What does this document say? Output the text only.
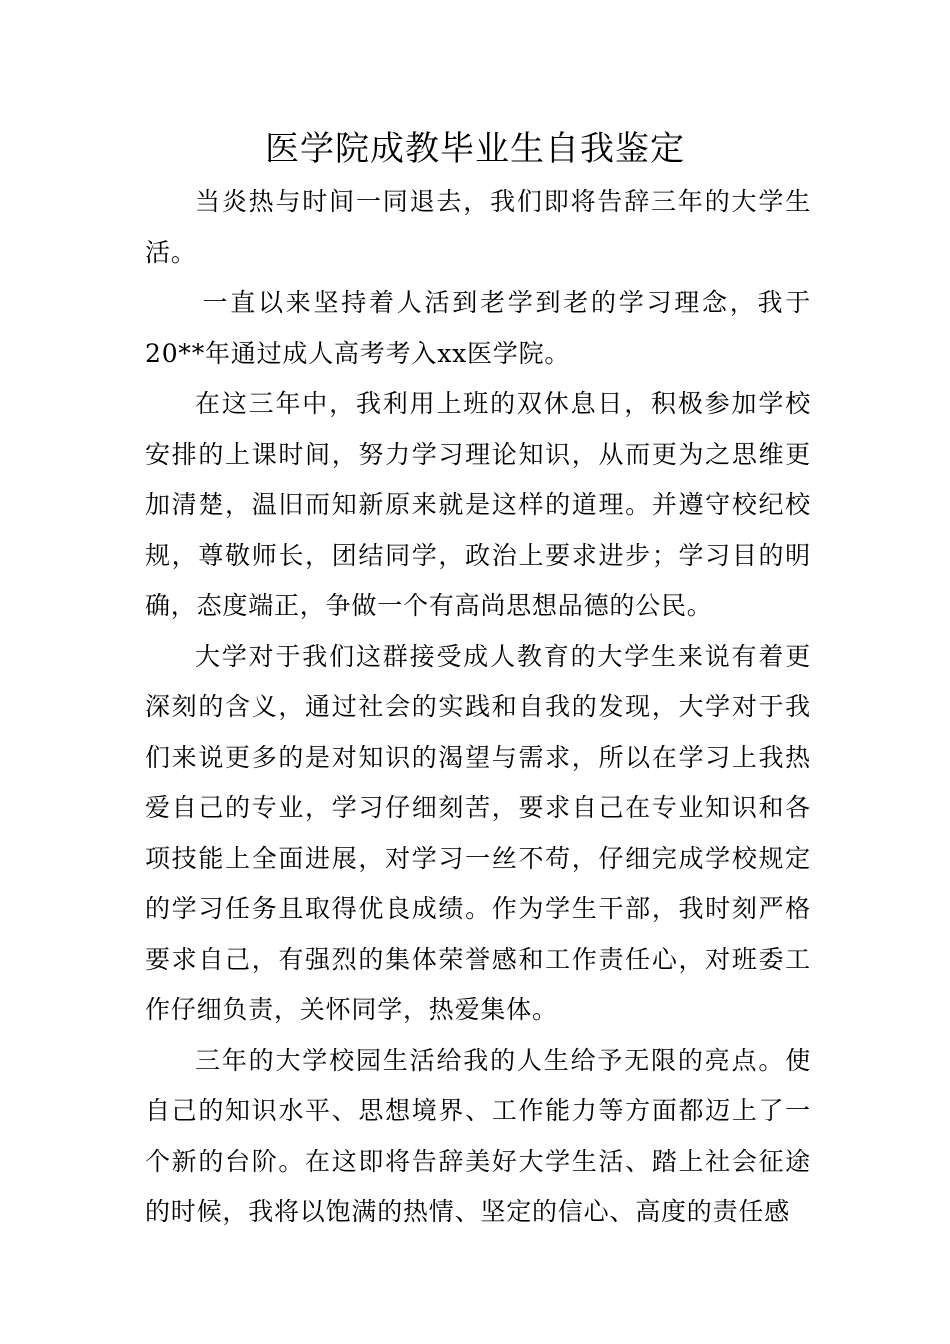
医学院成教毕业生自我鉴定

当炎热与时间一同退去，我们即将告辞三年的大学生活。

一直以来坚持着人活到老学到老的学习理念，我于20**年通过成人高考考入xx医学院。

在这三年中，我利用上班的双休息日，积极参加学校安排的上课时间，努力学习理论知识，从而更为之思维更加清楚，温旧而知新原来就是这样的道理。并遵守校纪校规，尊敬师长，团结同学，政治上要求进步；学习目的明确，态度端正，争做一个有高尚思想品德的公民。

大学对于我们这群接受成人教育的大学生来说有着更深刻的含义，通过社会的实践和自我的发现，大学对于我们来说更多的是对知识的渴望与需求，所以在学习上我热爱自己的专业，学习仔细刻苦，要求自己在专业知识和各项技能上全面进展，对学习一丝不苟，仔细完成学校规定的学习任务且取得优良成绩。作为学生干部，我时刻严格要求自己，有强烈的集体荣誉感和工作责任心，对班委工作仔细负责，关怀同学，热爱集体。

三年的大学校园生活给我的人生给予无限的亮点。使自己的知识水平、思想境界、工作能力等方面都迈上了一个新的台阶。在这即将告辞美好大学生活、踏上社会征途的时候，我将以饱满的热情、坚定的信心、高度的责任感
